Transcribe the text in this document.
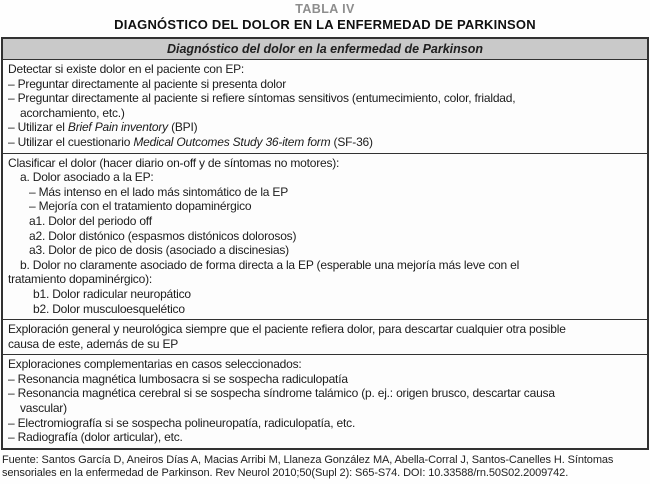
TABLA IV
DIAGNÓSTICO DEL DOLOR EN LA ENFERMEDAD DE PARKINSON
Diagnóstico del dolor en la enfermedad de Parkinson
Detectar si existe dolor en el paciente con EP:
– Preguntar directamente al paciente si presenta dolor
– Preguntar directamente al paciente si refiere síntomas sensitivos (entumecimiento, color, frialdad,
acorchamiento, etc.)
– Utilizar el Brief Pain inventory (BPI)
– Utilizar el cuestionario Medical Outcomes Study 36-item form (SF-36)
Clasificar el dolor (hacer diario on-off y de síntomas no motores):
a. Dolor asociado a la EP:
– Más intenso en el lado más sintomático de la EP
– Mejoría con el tratamiento dopaminérgico
a1. Dolor del periodo off
a2. Dolor distónico (espasmos distónicos dolorosos)
a3. Dolor de pico de dosis (asociado a discinesias)
b. Dolor no claramente asociado de forma directa a la EP (esperable una mejoría más leve con el
tratamiento dopaminérgico):
b1. Dolor radicular neuropático
b2. Dolor musculoesquelético
Exploración general y neurológica siempre que el paciente refiera dolor, para descartar cualquier otra posible
causa de este, además de su EP
Exploraciones complementarias en casos seleccionados:
– Resonancia magnética lumbosacra si se sospecha radiculopatía
– Resonancia magnética cerebral si se sospecha síndrome talámico (p. ej.: origen brusco, descartar causa
vascular)
– Electromiografía si se sospecha polineuropatía, radiculopatía, etc.
– Radiografía (dolor articular), etc.
Fuente: Santos García D, Aneiros Días A, Macias Arribi M, Llaneza González MA, Abella-Corral J, Santos-Canelles H. Síntomas sensoriales en la enfermedad de Parkinson. Rev Neurol 2010;50(Supl 2): S65-S74. DOI: 10.33588/rn.50S02.2009742.
